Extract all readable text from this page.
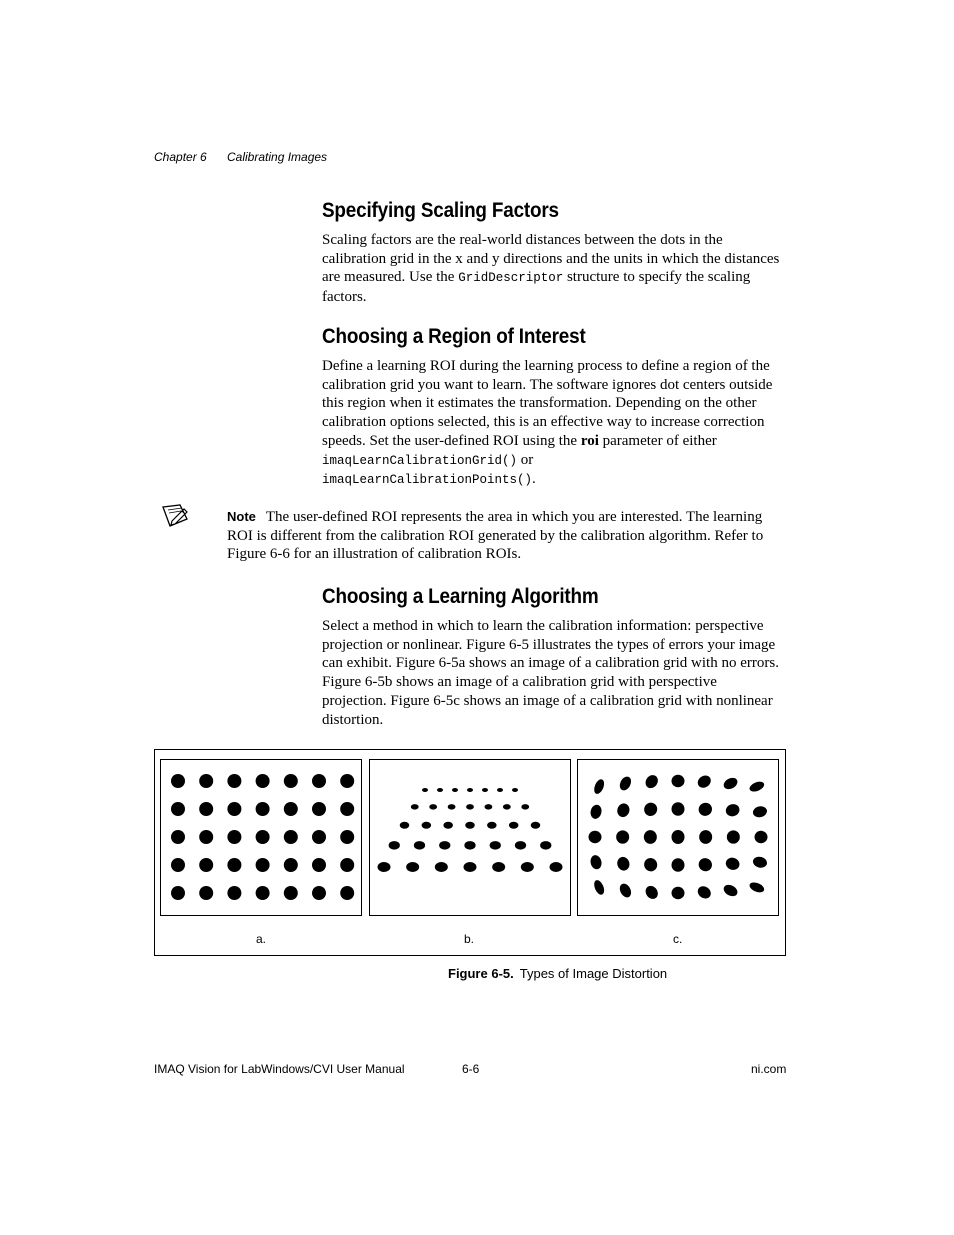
Chapter 6 Calibrating Images
Specifying Scaling Factors

Scaling factors are the real-world distances between the dots in the calibration grid in the x and y directions and the units in which the distances are measured. Use the GridDescriptor structure to specify the scaling factors.

Choosing a Region of Interest

Define a learning ROI during the learning process to define a region of the calibration grid you want to learn. The software ignores dot centers outside this region when it estimates the transformation. Depending on the other calibration options selected, this is an effective way to increase correction speeds. Set the user-defined ROI using the roi parameter of either
imaqLearnCalibrationGrid() or
imaqLearnCalibrationPoints().

Note The user-defined ROI represents the area in which you are interested. The learning ROI is different from the calibration ROI generated by the calibration algorithm. Refer to Figure 6-6 for an illustration of calibration ROIs.

Choosing a Learning Algorithm

Select a method in which to learn the calibration information: perspective projection or nonlinear. Figure 6-5 illustrates the types of errors your image can exhibit. Figure 6-5a shows an image of a calibration grid with no errors. Figure 6-5b shows an image of a calibration grid with perspective projection. Figure 6-5c shows an image of a calibration grid with nonlinear distortion.

a.	b.	c.
Figure 6-5. Types of Image Distortion
IMAQ Vision for LabWindows/CVI User Manual	6-6	ni.com
